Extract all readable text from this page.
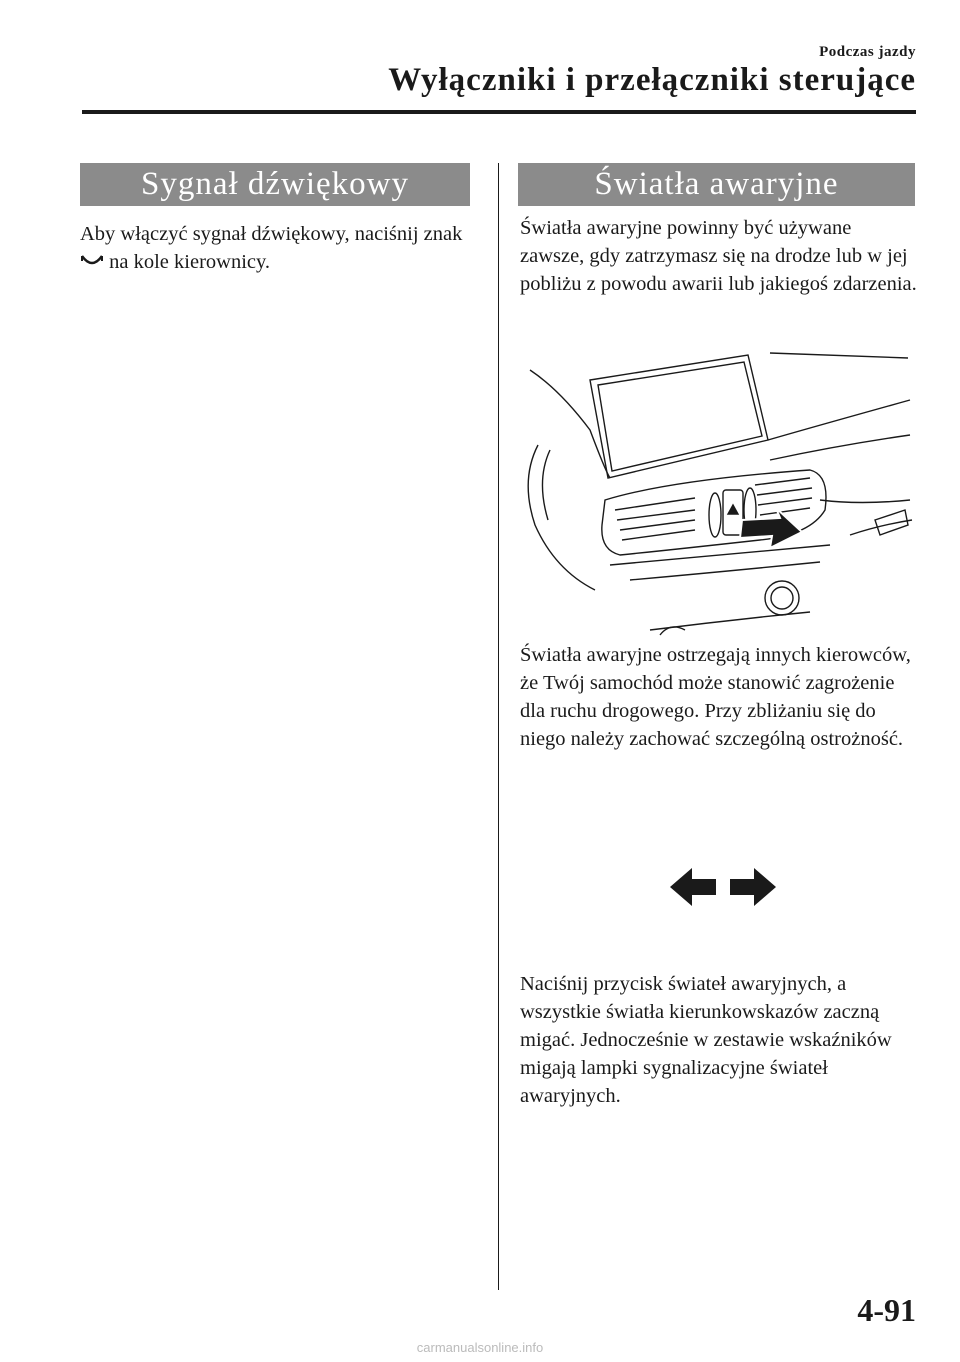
Podczas jazdy
Wyłączniki i przełączniki sterujące
Sygnał dźwiękowy

Aby włączyć sygnał dźwiękowy, naciśnij znak  na kole kierownicy.

Światła awaryjne

Światła awaryjne powinny być używane zawsze, gdy zatrzymasz się na drodze lub w jej pobliżu z powodu awarii lub jakiegoś zdarzenia.

Światła awaryjne ostrzegają innych kierowców, że Twój samochód może stanowić zagrożenie dla ruchu drogowego. Przy zbliżaniu się do niego należy zachować szczególną ostrożność.

Naciśnij przycisk świateł awaryjnych, a wszystkie światła kierunkowskazów zaczną migać. Jednocześnie w zestawie wskaźników migają lampki sygnalizacyjne świateł awaryjnych.

4-91
carmanualsonline.info
